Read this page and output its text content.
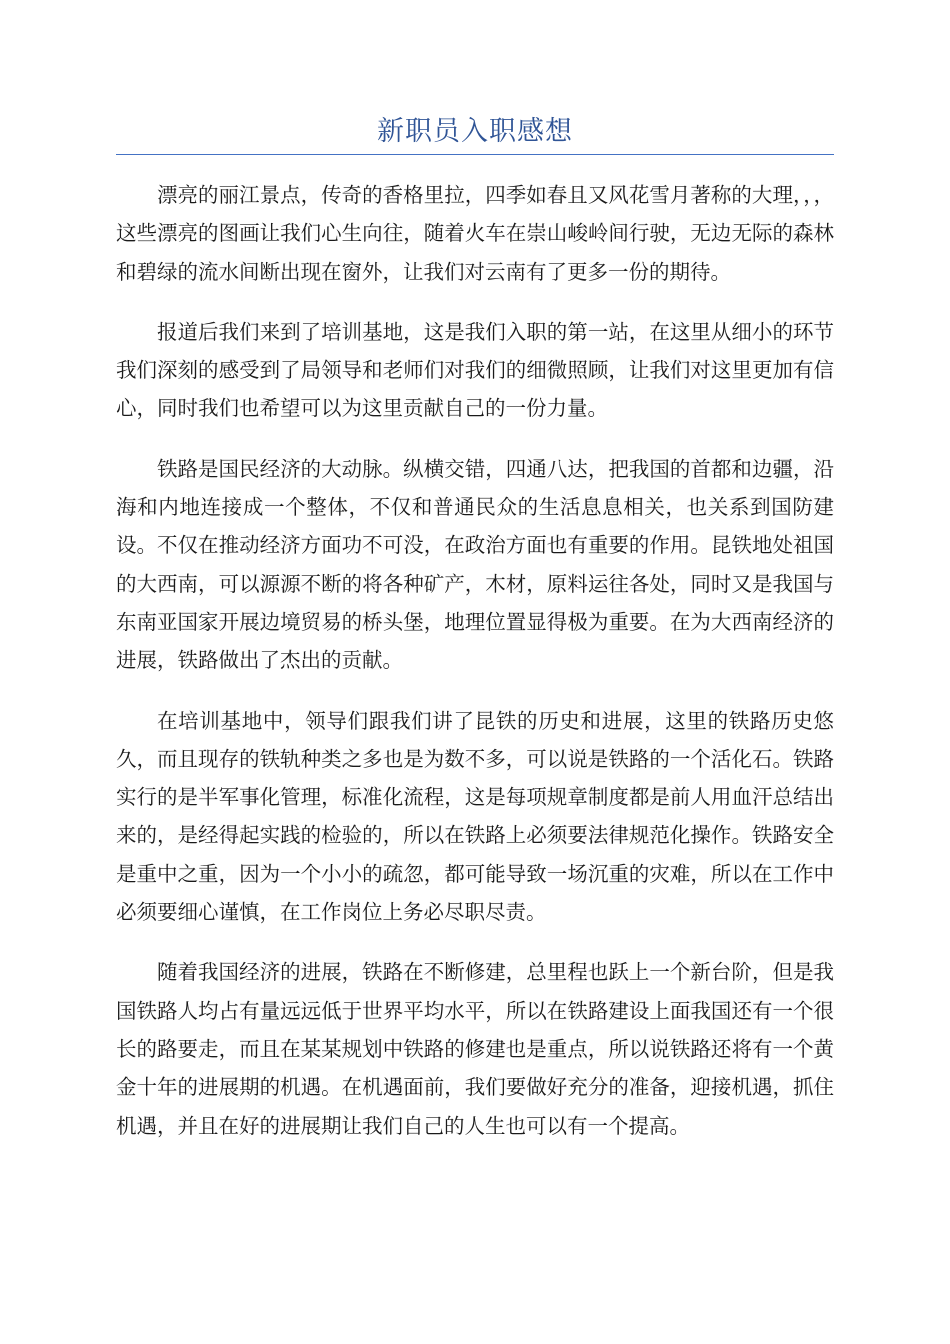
新职员入职感想

漂亮的丽江景点，传奇的香格里拉，四季如春且又风花雪月著称的大理，，，这些漂亮的图画让我们心生向往，随着火车在崇山峻岭间行驶，无边无际的森林和碧绿的流水间断出现在窗外，让我们对云南有了更多一份的期待。

报道后我们来到了培训基地，这是我们入职的第一站，在这里从细小的环节我们深刻的感受到了局领导和老师们对我们的细微照顾，让我们对这里更加有信心，同时我们也希望可以为这里贡献自己的一份力量。

铁路是国民经济的大动脉。纵横交错，四通八达，把我国的首都和边疆，沿海和内地连接成一个整体，不仅和普通民众的生活息息相关，也关系到国防建设。不仅在推动经济方面功不可没，在政治方面也有重要的作用。昆铁地处祖国的大西南，可以源源不断的将各种矿产，木材，原料运往各处，同时又是我国与东南亚国家开展边境贸易的桥头堡，地理位置显得极为重要。在为大西南经济的进展，铁路做出了杰出的贡献。

在培训基地中，领导们跟我们讲了昆铁的历史和进展，这里的铁路历史悠久，而且现存的铁轨种类之多也是为数不多，可以说是铁路的一个活化石。铁路实行的是半军事化管理，标准化流程，这是每项规章制度都是前人用血汗总结出来的，是经得起实践的检验的，所以在铁路上必须要法律规范化操作。铁路安全是重中之重，因为一个小小的疏忽，都可能导致一场沉重的灾难，所以在工作中必须要细心谨慎，在工作岗位上务必尽职尽责。

随着我国经济的进展，铁路在不断修建，总里程也跃上一个新台阶，但是我国铁路人均占有量远远低于世界平均水平，所以在铁路建设上面我国还有一个很长的路要走，而且在某某规划中铁路的修建也是重点，所以说铁路还将有一个黄金十年的进展期的机遇。在机遇面前，我们要做好充分的准备，迎接机遇，抓住机遇，并且在好的进展期让我们自己的人生也可以有一个提高。
